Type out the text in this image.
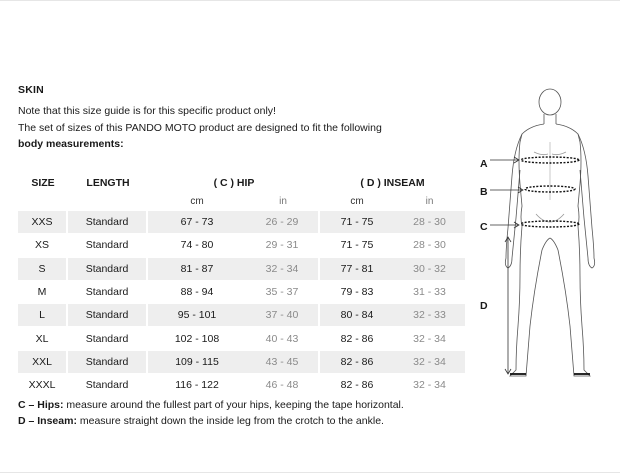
SKIN
Note that this size guide is for this specific product only!
The set of sizes of this PANDO MOTO product are designed to fit the following
body measurements:
SIZE	LENGTH	( C ) HIP		( D ) INSEAM	
		cm	in	cm	in
XXS	Standard	67 - 73	26 - 29	71 - 75	28 - 30
XS	Standard	74 - 80	29 - 31	71 - 75	28 - 30
S	Standard	81 - 87	32 - 34	77 - 81	30 - 32
M	Standard	88 - 94	35 - 37	79 - 83	31 - 33
L	Standard	95 - 101	37 - 40	80 - 84	32 - 33
XL	Standard	102 - 108	40 - 43	82 - 86	32 - 34
XXL	Standard	109 - 115	43 - 45	82 - 86	32 - 34
XXXL	Standard	116 - 122	46 - 48	82 - 86	32 - 34
C – Hips: measure around the fullest part of your hips, keeping the tape horizontal.
D – Inseam: measure straight down the inside leg from the crotch to the ankle.
A
B
C
D
